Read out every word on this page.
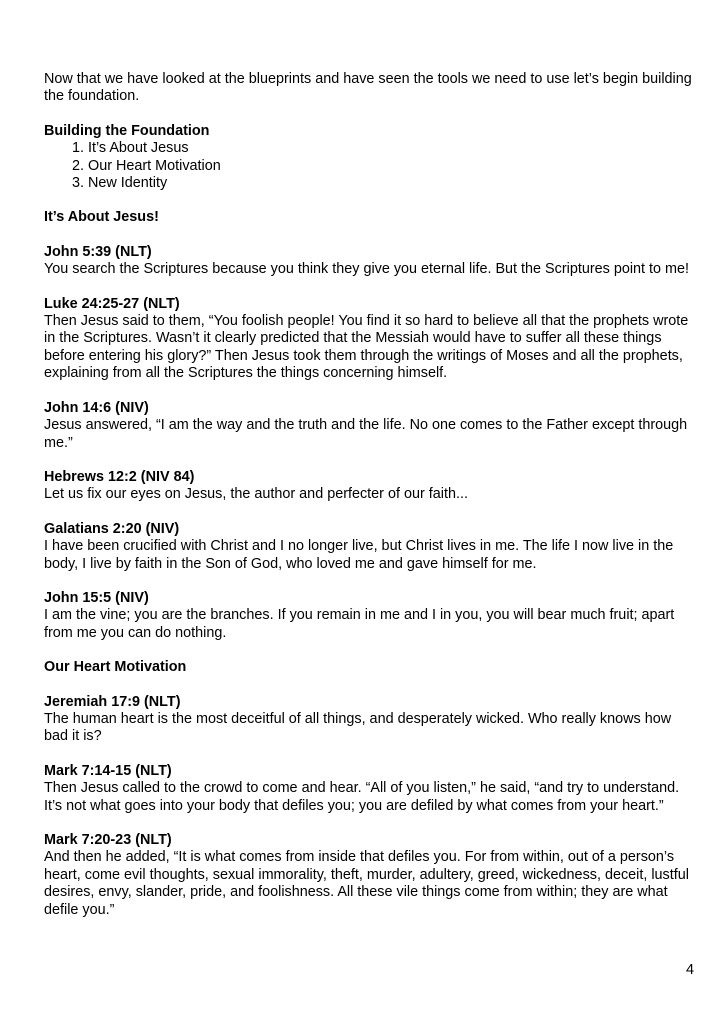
Now that we have looked at the blueprints and have seen the tools we need to use let’s begin building the foundation.

Building the Foundation

1. It’s About Jesus
2. Our Heart Motivation
3. New Identity

It’s About Jesus!

John 5:39 (NLT)
You search the Scriptures because you think they give you eternal life. But the Scriptures point to me!

Luke 24:25-27 (NLT)
Then Jesus said to them, “You foolish people! You find it so hard to believe all that the prophets wrote in the Scriptures. Wasn’t it clearly predicted that the Messiah would have to suffer all these things before entering his glory?” Then Jesus took them through the writings of Moses and all the prophets, explaining from all the Scriptures the things concerning himself.

John 14:6 (NIV)
Jesus answered, “I am the way and the truth and the life. No one comes to the Father except through me.”

Hebrews 12:2 (NIV 84)
Let us fix our eyes on Jesus, the author and perfecter of our faith...

Galatians 2:20 (NIV)
I have been crucified with Christ and I no longer live, but Christ lives in me. The life I now live in the body, I live by faith in the Son of God, who loved me and gave himself for me.

John 15:5 (NIV)
I am the vine; you are the branches. If you remain in me and I in you, you will bear much fruit; apart from me you can do nothing.

Our Heart Motivation

Jeremiah 17:9 (NLT)
The human heart is the most deceitful of all things, and desperately wicked. Who really knows how bad it is?

Mark 7:14-15 (NLT)
Then Jesus called to the crowd to come and hear. “All of you listen,” he said, “and try to understand. It’s not what goes into your body that defiles you; you are defiled by what comes from your heart.”

Mark 7:20-23 (NLT)
And then he added, “It is what comes from inside that defiles you. For from within, out of a person’s heart, come evil thoughts, sexual immorality, theft, murder, adultery, greed, wickedness, deceit, lustful desires, envy, slander, pride, and foolishness. All these vile things come from within; they are what defile you.”

4
